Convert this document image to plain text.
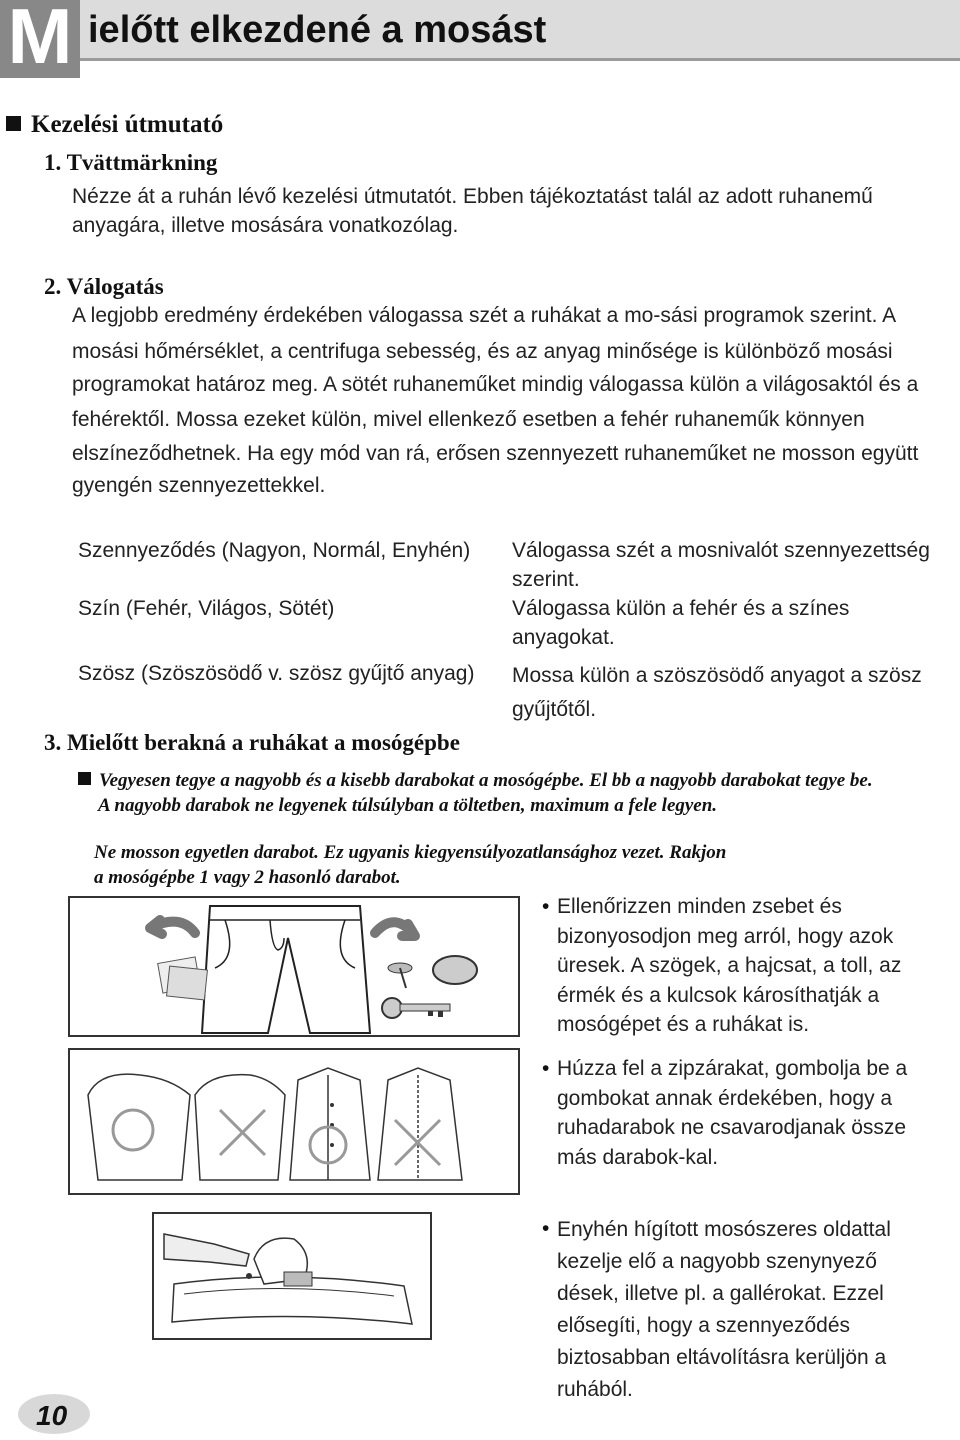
M ielőtt elkezdené a mosást
Kezelési útmutató
1. Tvättmärkning
Nézze át a ruhán lévő kezelési útmutatót. Ebben tájékoztatást talál az adott ruhanemű
anyagára, illetve mosására vonatkozólag.
2. Válogatás
A legjobb eredmény érdekében válogassa szét a ruhákat a mo-sási programok szerint. A
mosási hőmérséklet, a centrifuga sebesség, és az anyag minősége is különböző mosási
programokat határoz meg. A sötét ruhaneműket mindig válogassa külön a világosaktól és a
fehérektől. Mossa ezeket külön, mivel ellenkező esetben a fehér ruhaneműk könnyen
elszíneződhetnek. Ha egy mód van rá, erősen szennyezett ruhaneműket ne mosson együtt
gyengén szennyezettekkel.
Szennyeződés (Nagyon, Normál, Enyhén) Válogassa szét a mosnivalót szennyezettség
szerint.
Szín (Fehér, Világos, Sötét)	Válogassa külön a fehér és a színes
anyagokat.
Szösz (Szöszösödő v. szösz gyűjtő anyag) Mossa külön a szöszösödő anyagot a szösz
gyűjtőtől.
3. Mielőtt berakná a ruhákat a mosógépbe
Vegyesen tegye a nagyobb és a kisebb darabokat a mosógépbe. El bb a nagyobb darabokat tegye be.
A nagyobb darabok ne legyenek túlsúlyban a töltetben, maximum a fele legyen.
Ne mosson egyetlen darabot. Ez ugyanis kiegyensúlyozatlansághoz vezet. Rakjon
a mosógépbe 1 vagy 2 hasonló darabot.
• Ellenőrizzen minden zsebet és
bizonyosodjon meg arról, hogy azok
üresek. A szögek, a hajcsat, a toll, az
érmék és a kulcsok károsíthatják a
mosógépet és a ruhákat is.
• Húzza fel a zipzárakat, gombolja be a
gombokat annak érdekében, hogy a
ruhadarabok ne csavarodjanak össze
más darabok-kal.
• Enyhén hígított mosószeres oldattal
kezelje elő a nagyobb szenynyező
dések, illetve pl. a gallérokat. Ezzel
elősegíti, hogy a szennyeződés
biztosabban eltávolításra kerüljön a
ruhából.
10
